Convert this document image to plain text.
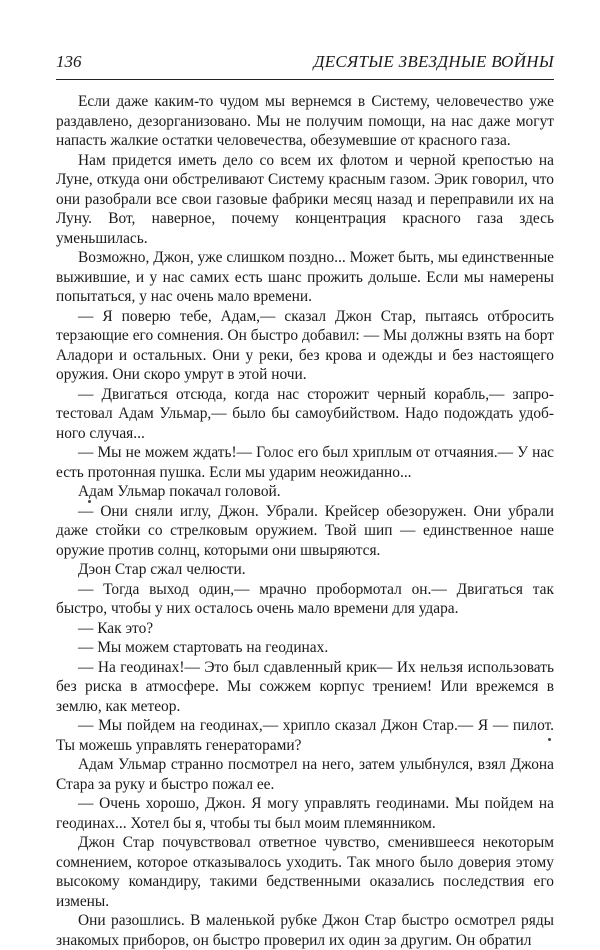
136	ДЕСЯТЫЕ ЗВЕЗДНЫЕ ВОЙНЫ

Если даже каким-то чудом мы вернемся в Систему, человечество уже раздавлено, дезорганизовано. Мы не получим помощи, на нас даже могут напасть жалкие остатки человечества, обезумевшие от красного газа.

Нам придется иметь дело со всем их флотом и черной крепостью на Луне, откуда они обстреливают Систему красным газом. Эрик говорил, что они разобрали все свои газовые фабрики месяц назад и переправили их на Луну. Вот, наверное, почему концентрация красного газа здесь уменьшилась.

Возможно, Джон, уже слишком поздно... Может быть, мы единственные выжившие, и у нас самих есть шанс прожить дольше. Если мы намерены попытаться, у нас очень мало времени.

— Я поверю тебе, Адам,— сказал Джон Стар, пытаясь отбросить терзающие его сомнения. Он быстро добавил: — Мы должны взять на борт Аладори и остальных. Они у реки, без крова и одежды и без настоящего оружия. Они скоро умрут в этой ночи.

— Двигаться отсюда, когда нас сторожит черный корабль,— запротестовал Адам Ульмар,— было бы самоубийством. Надо подождать удобного случая...

— Мы не можем ждать!— Голос его был хриплым от отчаяния.— У нас есть протонная пушка. Если мы ударим неожиданно...

Адам Ульмар покачал головой.

— Они сняли иглу, Джон. Убрали. Крейсер обезоружен. Они убрали даже стойки со стрелковым оружием. Твой шип — единственное наше оружие против солнц, которыми они швыряются.

Дэон Стар сжал челюсти.

— Тогда выход один,— мрачно пробормотал он.— Двигаться так быстро, чтобы у них осталось очень мало времени для удара.

— Как это?

— Мы можем стартовать на геодинах.

— На геодинах!— Это был сдавленный крик— Их нельзя использовать без риска в атмосфере. Мы сожжем корпус трением! Или врежемся в землю, как метеор.

— Мы пойдем на геодинах,— хрипло сказал Джон Стар.— Я — пилот. Ты можешь управлять генераторами?

Адам Ульмар странно посмотрел на него, затем улыбнулся, взял Джона Стара за руку и быстро пожал ее.

— Очень хорошо, Джон. Я могу управлять геодинами. Мы пойдем на геодинах... Хотел бы я, чтобы ты был моим племянником.

Джон Стар почувствовал ответное чувство, сменившееся некоторым сомнением, которое отказывалось уходить. Так много было доверия этому высокому командиру, такими бедственными оказались последствия его измены.

Они разошлись. В маленькой рубке Джон Стар быстро осмотрел ряды знакомых приборов, он быстро проверил их один за другим. Он обратил
